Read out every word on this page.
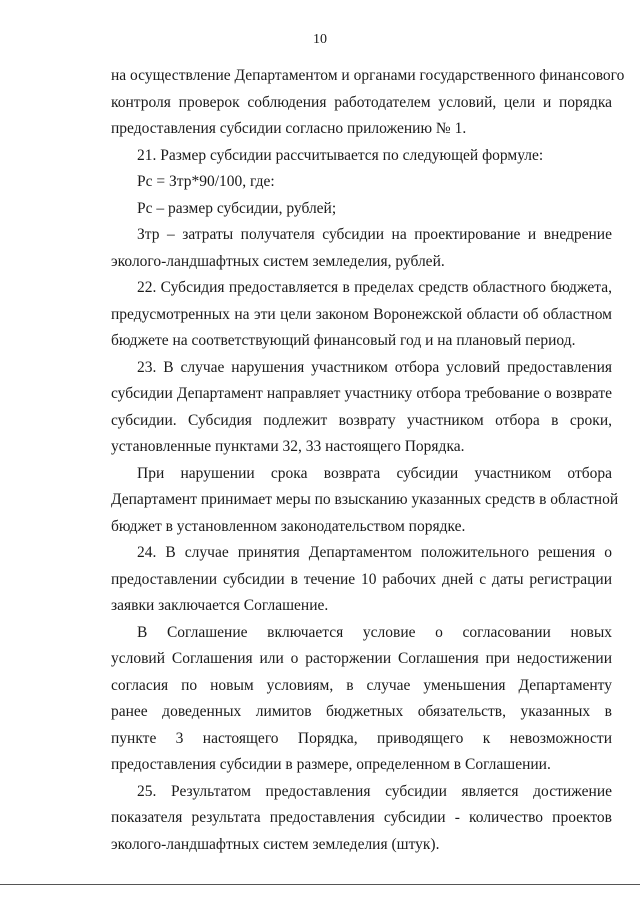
10
на осуществление Департаментом и органами государственного финансового
контроля проверок соблюдения работодателем условий, цели и порядка
предоставления субсидии согласно приложению № 1.
21. Размер субсидии рассчитывается по следующей формуле:
Рс = Зтр*90/100, где:
Рс – размер субсидии, рублей;
Зтр – затраты получателя субсидии на проектирование и внедрение
эколого-ландшафтных систем земледелия, рублей.
22. Субсидия предоставляется в пределах средств областного бюджета,
предусмотренных на эти цели законом Воронежской области об областном
бюджете на соответствующий финансовый год и на плановый период.
23. В случае нарушения участником отбора условий предоставления
субсидии Департамент направляет участнику отбора требование о возврате
субсидии. Субсидия подлежит возврату участником отбора в сроки,
установленные пунктами 32, 33 настоящего Порядка.
При нарушении срока возврата субсидии участником отбора
Департамент принимает меры по взысканию указанных средств в областной
бюджет в установленном законодательством порядке.
24. В случае принятия Департаментом положительного решения о
предоставлении субсидии в течение 10 рабочих дней с даты регистрации
заявки заключается Соглашение.
В Соглашение включается условие о согласовании новых
условий Соглашения или о расторжении Соглашения при недостижении
согласия по новым условиям, в случае уменьшения Департаменту
ранее доведенных лимитов бюджетных обязательств, указанных в
пункте 3 настоящего Порядка, приводящего к невозможности
предоставления субсидии в размере, определенном в Соглашении.
25. Результатом предоставления субсидии является достижение
показателя результата предоставления субсидии - количество проектов
эколого-ландшафтных систем земледелия (штук).
